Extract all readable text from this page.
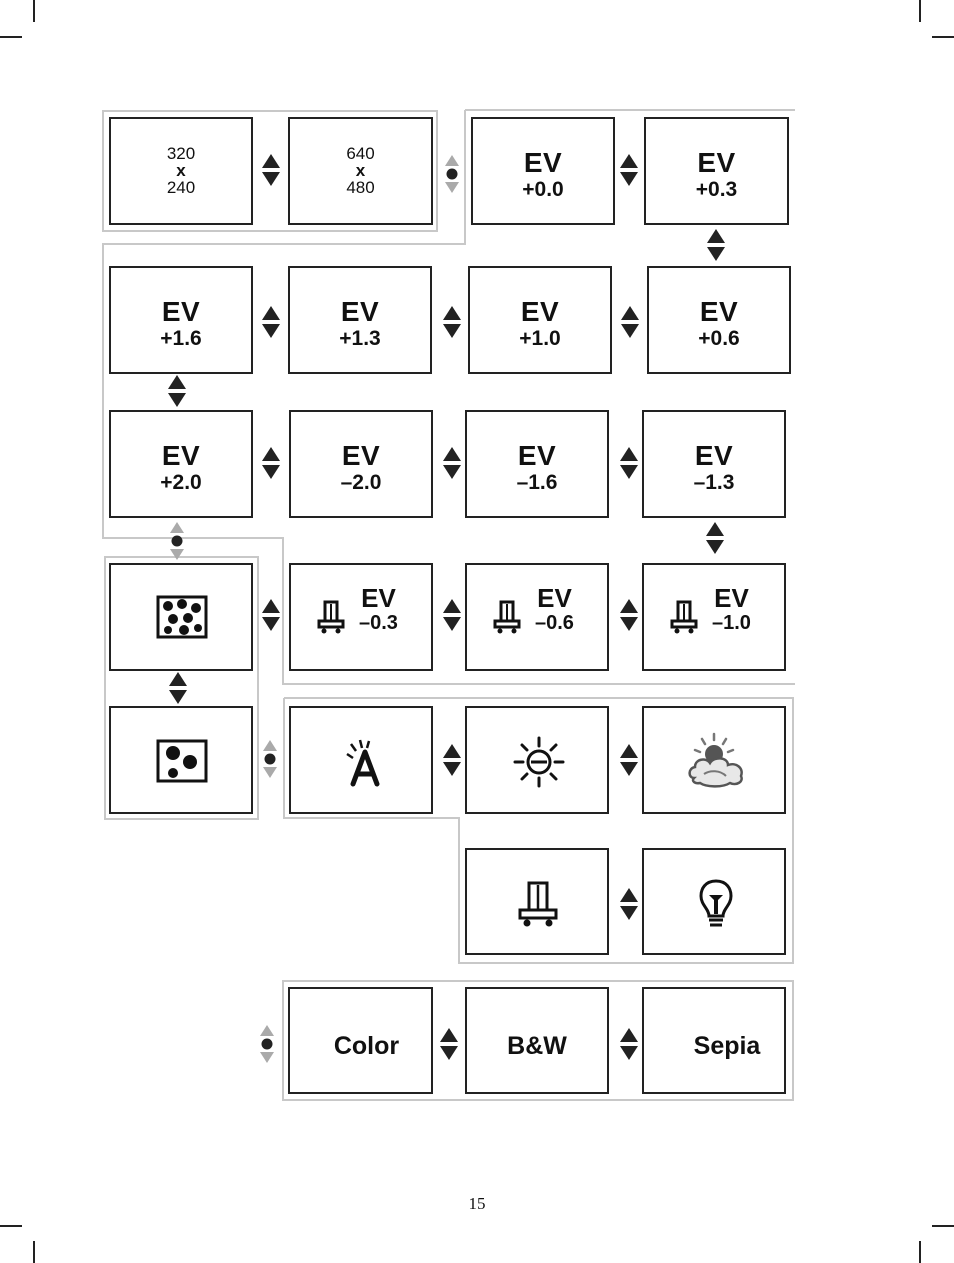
320
x
240
640
x
480
EV
+0.0
EV
+0.3
EV
+1.6
EV
+1.3
EV
+1.0
EV
+0.6
EV
+2.0
EV
–2.0
EV
–1.6
EV
–1.3
EV
–0.3
EV
–0.6
EV
–1.0
Color	B&W	Sepia
15
